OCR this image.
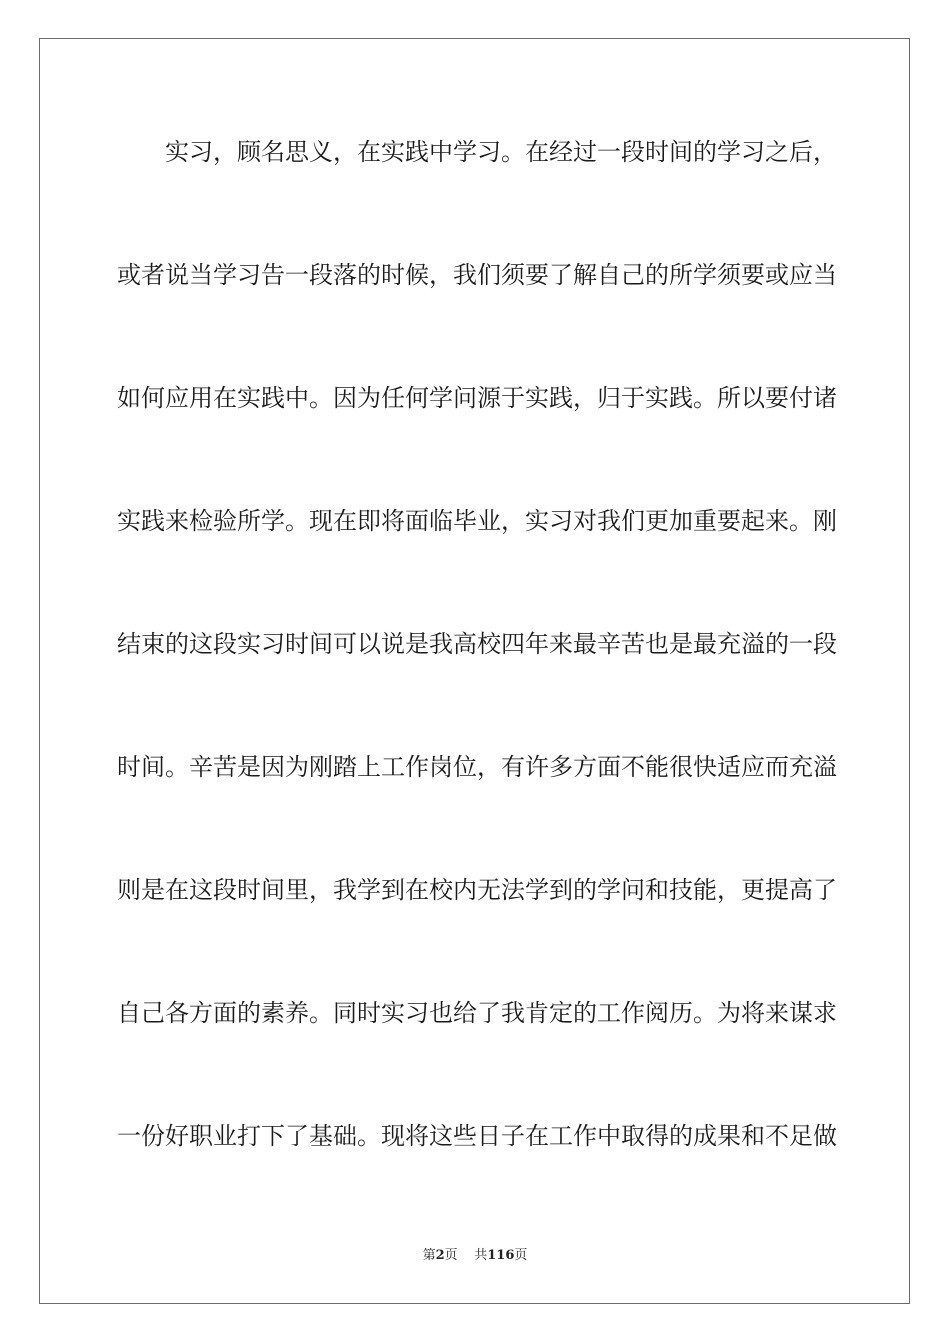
实习，顾名思义，在实践中学习。在经过一段时间的学习之后，
或者说当学习告一段落的时候，我们须要了解自己的所学须要或应当
如何应用在实践中。因为任何学问源于实践，归于实践。所以要付诸
实践来检验所学。现在即将面临毕业，实习对我们更加重要起来。刚
结束的这段实习时间可以说是我高校四年来最辛苦也是最充溢的一段
时间。辛苦是因为刚踏上工作岗位，有许多方面不能很快适应而充溢
则是在这段时间里，我学到在校内无法学到的学问和技能，更提高了
自己各方面的素养。同时实习也给了我肯定的工作阅历。为将来谋求
一份好职业打下了基础。现将这些日子在工作中取得的成果和不足做
第2页 共116页
